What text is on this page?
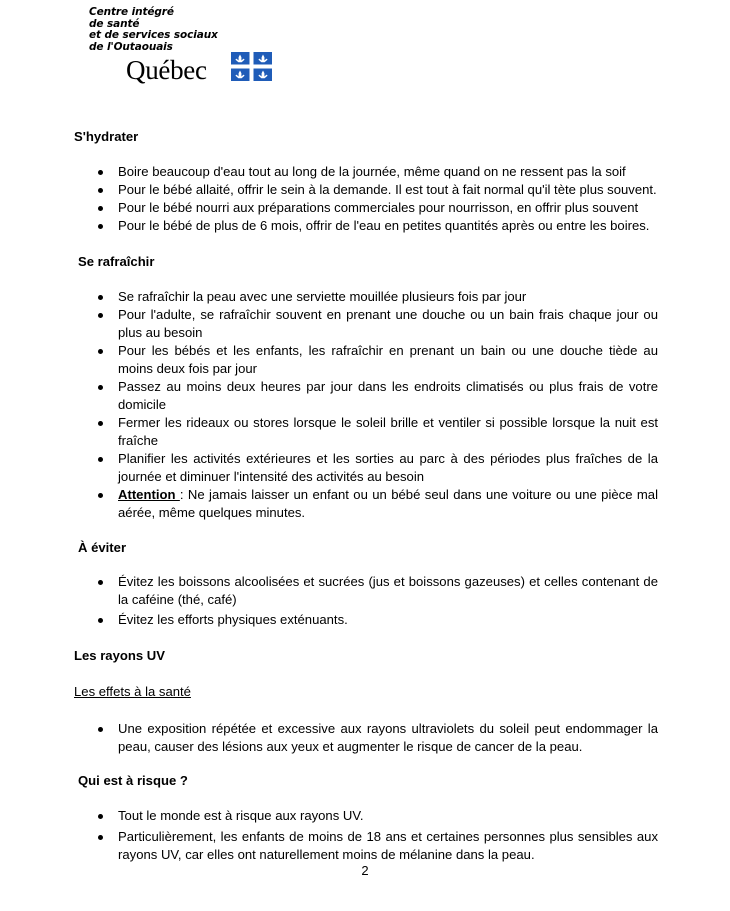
Centre intégré
de santé
et de services sociaux
de l'Outaouais
Québec
S'hydrater
Boire beaucoup d'eau tout au long de la journée, même quand on ne ressent pas la soif
Pour le bébé allaité, offrir le sein à la demande. Il est tout à fait normal qu'il tète plus souvent.
Pour le bébé nourri aux préparations commerciales pour nourrisson, en offrir plus souvent
Pour le bébé de plus de 6 mois, offrir de l'eau en petites quantités après ou entre les boires.
Se rafraîchir
Se rafraîchir la peau avec une serviette mouillée plusieurs fois par jour
Pour l'adulte, se rafraîchir souvent en prenant une douche ou un bain frais chaque jour ou plus au besoin
Pour les bébés et les enfants, les rafraîchir en prenant un bain ou une douche tiède au moins deux fois par jour
Passez au moins deux heures par jour dans les endroits climatisés ou plus frais de votre domicile
Fermer les rideaux ou stores lorsque le soleil brille et ventiler si possible lorsque la nuit est fraîche
Planifier les activités extérieures et les sorties au parc à des périodes plus fraîches de la journée et diminuer l'intensité des activités au besoin
Attention : Ne jamais laisser un enfant ou un bébé seul dans une voiture ou une pièce mal aérée, même quelques minutes.
À éviter
Évitez les boissons alcoolisées et sucrées (jus et boissons gazeuses) et celles contenant de la caféine (thé, café)
Évitez les efforts physiques exténuants.
Les rayons UV
Les effets à la santé
Une exposition répétée et excessive aux rayons ultraviolets du soleil peut endommager la peau, causer des lésions aux yeux et augmenter le risque de cancer de la peau.
Qui est à risque ?
Tout le monde est à risque aux rayons UV.
Particulièrement, les enfants de moins de 18 ans et certaines personnes plus sensibles aux rayons UV, car elles ont naturellement moins de mélanine dans la peau.
2
